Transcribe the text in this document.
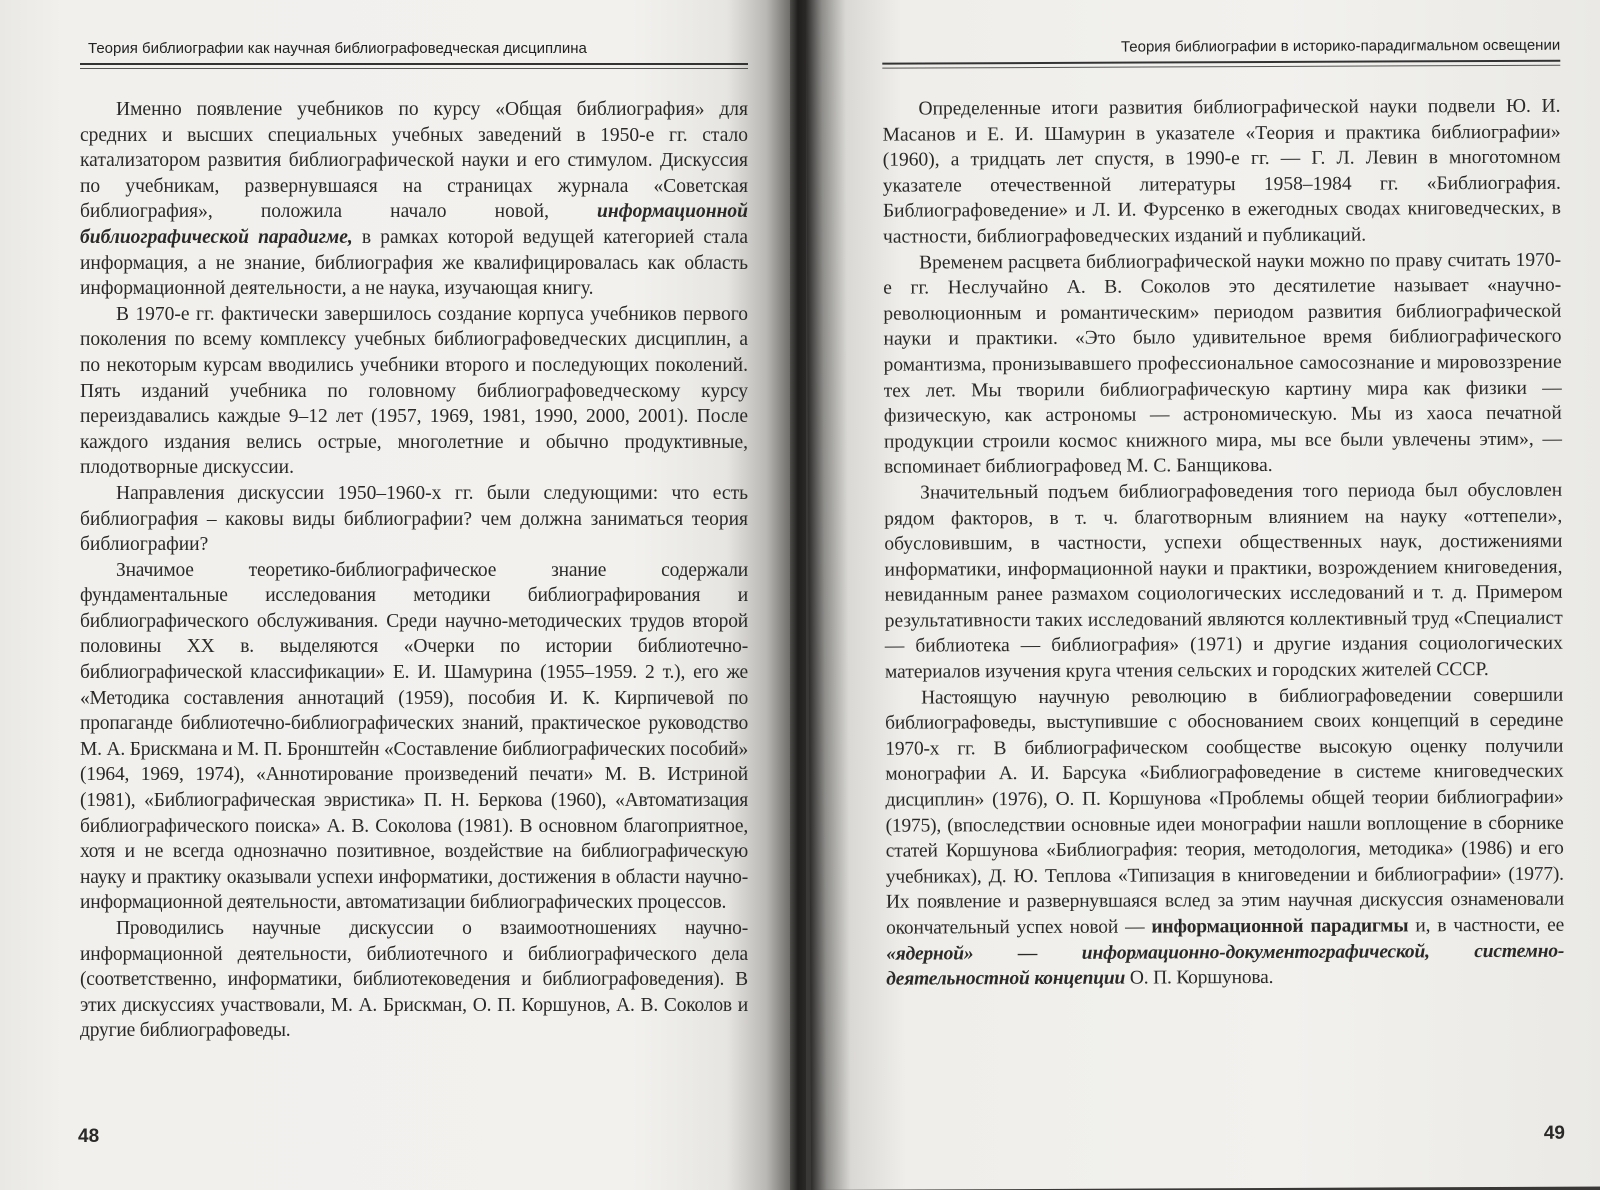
Теория библиографии как научная библиографоведческая дисциплина

Именно появление учебников по курсу «Общая библиография» для средних и высших специальных учебных заведений в 1950-е гг. стало катализатором развития библиографической науки и его стимулом. Дискуссия по учебникам, развернувшаяся на страницах журнала «Советская библиография», положила начало новой, информационной библиографической парадигме, в рамках которой ведущей категорией стала информация, а не знание, библиография же квалифицировалась как область информационной деятельности, а не наука, изучающая книгу.

В 1970-е гг. фактически завершилось создание корпуса учебников первого поколения по всему комплексу учебных библиографоведческих дисциплин, а по некоторым курсам вводились учебники второго и последующих поколений. Пять изданий учебника по головному библиографоведческому курсу переиздавались каждые 9–12 лет (1957, 1969, 1981, 1990, 2000, 2001). После каждого издания велись острые, многолетние и обычно продуктивные, плодотворные дискуссии.

Направления дискуссии 1950–1960-х гг. были следующими: что есть библиография – каковы виды библиографии? чем должна заниматься теория библиографии?

Значимое теоретико-библиографическое знание содержали фундаментальные исследования методики библиографирования и библиографического обслуживания. Среди научно-методических трудов второй половины XX в. выделяются «Очерки по истории библиотечно-библиографической классификации» Е. И. Шамурина (1955–1959. 2 т.), его же «Методика составления аннотаций (1959), пособия И. К. Кирпичевой по пропаганде библиотечно-библиографических знаний, практическое руководство М. А. Брискмана и М. П. Бронштейн «Составление библиографических пособий» (1964, 1969, 1974), «Аннотирование произведений печати» М. В. Истриной (1981), «Библиографическая эвристика» П. Н. Беркова (1960), «Автоматизация библиографического поиска» А. В. Соколова (1981). В основном благоприятное, хотя и не всегда однозначно позитивное, воздействие на библиографическую науку и практику оказывали успехи информатики, достижения в области научно-информационной деятельности, автоматизации библиографических процессов.

Проводились научные дискуссии о взаимоотношениях научно-информационной деятельности, библиотечного и библиографического дела (соответственно, информатики, библиотековедения и библиографоведения). В этих дискуссиях участвовали, М. А. Брискман, О. П. Коршунов, А. В. Соколов и другие библиографоведы.

48
Теория библиографии в историко-парадигмальном освещении

Определенные итоги развития библиографической науки подвели Ю. И. Масанов и Е. И. Шамурин в указателе «Теория и практика библиографии» (1960), а тридцать лет спустя, в 1990-е гг. — Г. Л. Левин в многотомном указателе отечественной литературы 1958–1984 гг. «Библиография. Библиографоведение» и Л. И. Фурсенко в ежегодных сводах книговедческих, в частности, библиографоведческих изданий и публикаций.

Временем расцвета библиографической науки можно по праву считать 1970-е гг. Неслучайно А. В. Соколов это десятилетие называет «научно-революционным и романтическим» периодом развития библиографической науки и практики. «Это было удивительное время библиографического романтизма, пронизывавшего профессиональное самосознание и мировоззрение тех лет. Мы творили библиографическую картину мира как физики — физическую, как астрономы — астрономическую. Мы из хаоса печатной продукции строили космос книжного мира, мы все были увлечены этим», — вспоминает библиографовед М. С. Банщикова.

Значительный подъем библиографоведения того периода был обусловлен рядом факторов, в т. ч. благотворным влиянием на науку «оттепели», обусловившим, в частности, успехи общественных наук, достижениями информатики, информационной науки и практики, возрождением книговедения, невиданным ранее размахом социологических исследований и т. д. Примером результативности таких исследований являются коллективный труд «Специалист — библиотека — библиография» (1971) и другие издания социологических материалов изучения круга чтения сельских и городских жителей СССР.

Настоящую научную революцию в библиографоведении совершили библиографоведы, выступившие с обоснованием своих концепций в середине 1970-х гг. В библиографическом сообществе высокую оценку получили монографии А. И. Барсука «Библиографоведение в системе книговедческих дисциплин» (1976), О. П. Коршунова «Проблемы общей теории библиографии» (1975), (впоследствии основные идеи монографии нашли воплощение в сборнике статей Коршунова «Библиография: теория, методология, методика» (1986) и его учебниках), Д. Ю. Теплова «Типизация в книговедении и библиографии» (1977). Их появление и развернувшаяся вслед за этим научная дискуссия ознаменовали окончательный успех новой — информационной парадигмы и, в частности, ее «ядерной» — информационно-документографической, системно-деятельностной концепции О. П. Коршунова.

49
